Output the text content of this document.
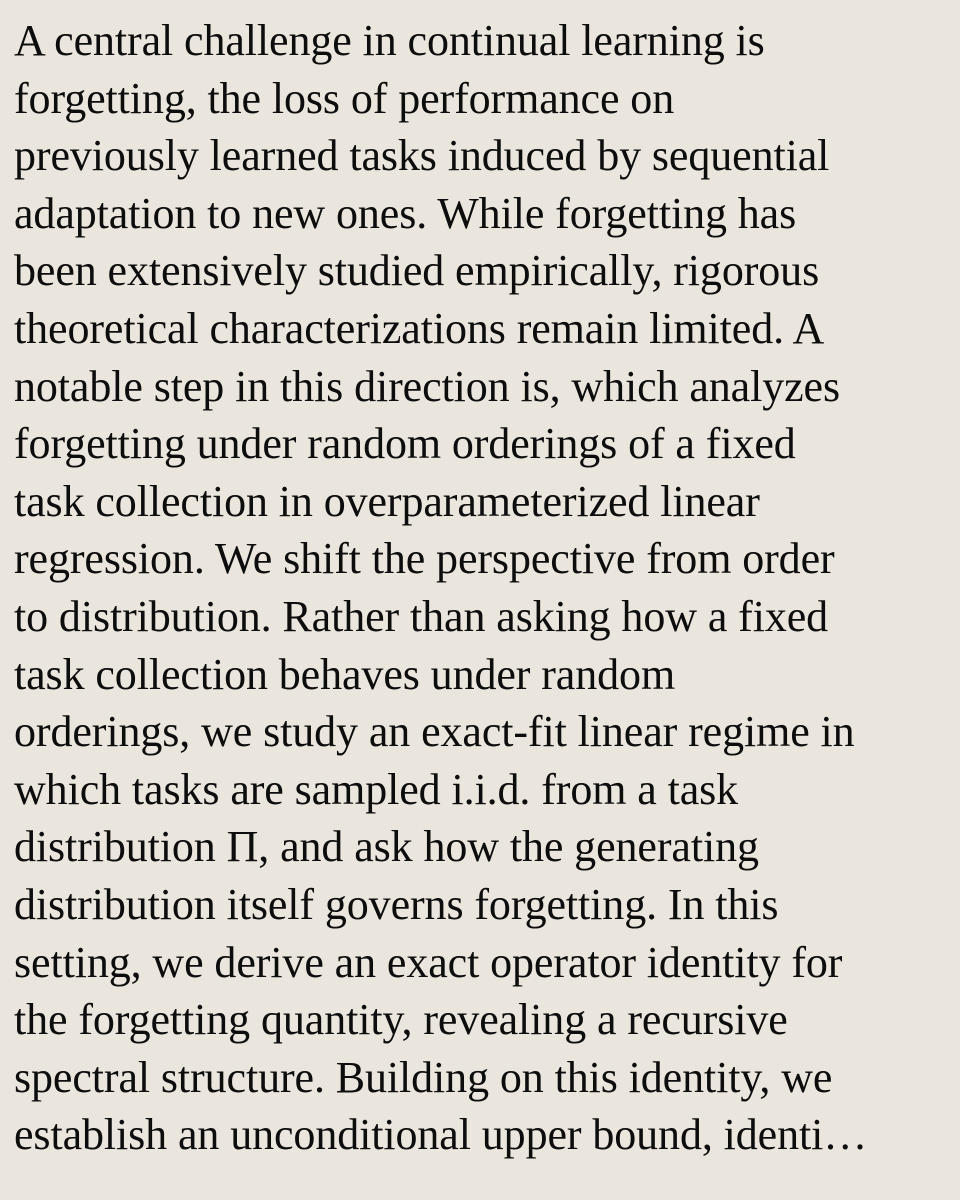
A central challenge in continual learning is
forgetting, the loss of performance on
previously learned tasks induced by sequential
adaptation to new ones. While forgetting has
been extensively studied empirically, rigorous
theoretical characterizations remain limited. A
notable step in this direction is, which analyzes
forgetting under random orderings of a fixed
task collection in overparameterized linear
regression. We shift the perspective from order
to distribution. Rather than asking how a fixed
task collection behaves under random
orderings, we study an exact-fit linear regime in
which tasks are sampled i.i.d. from a task
distribution Π, and ask how the generating
distribution itself governs forgetting. In this
setting, we derive an exact operator identity for
the forgetting quantity, revealing a recursive
spectral structure. Building on this identity, we
establish an unconditional upper bound, identi…
